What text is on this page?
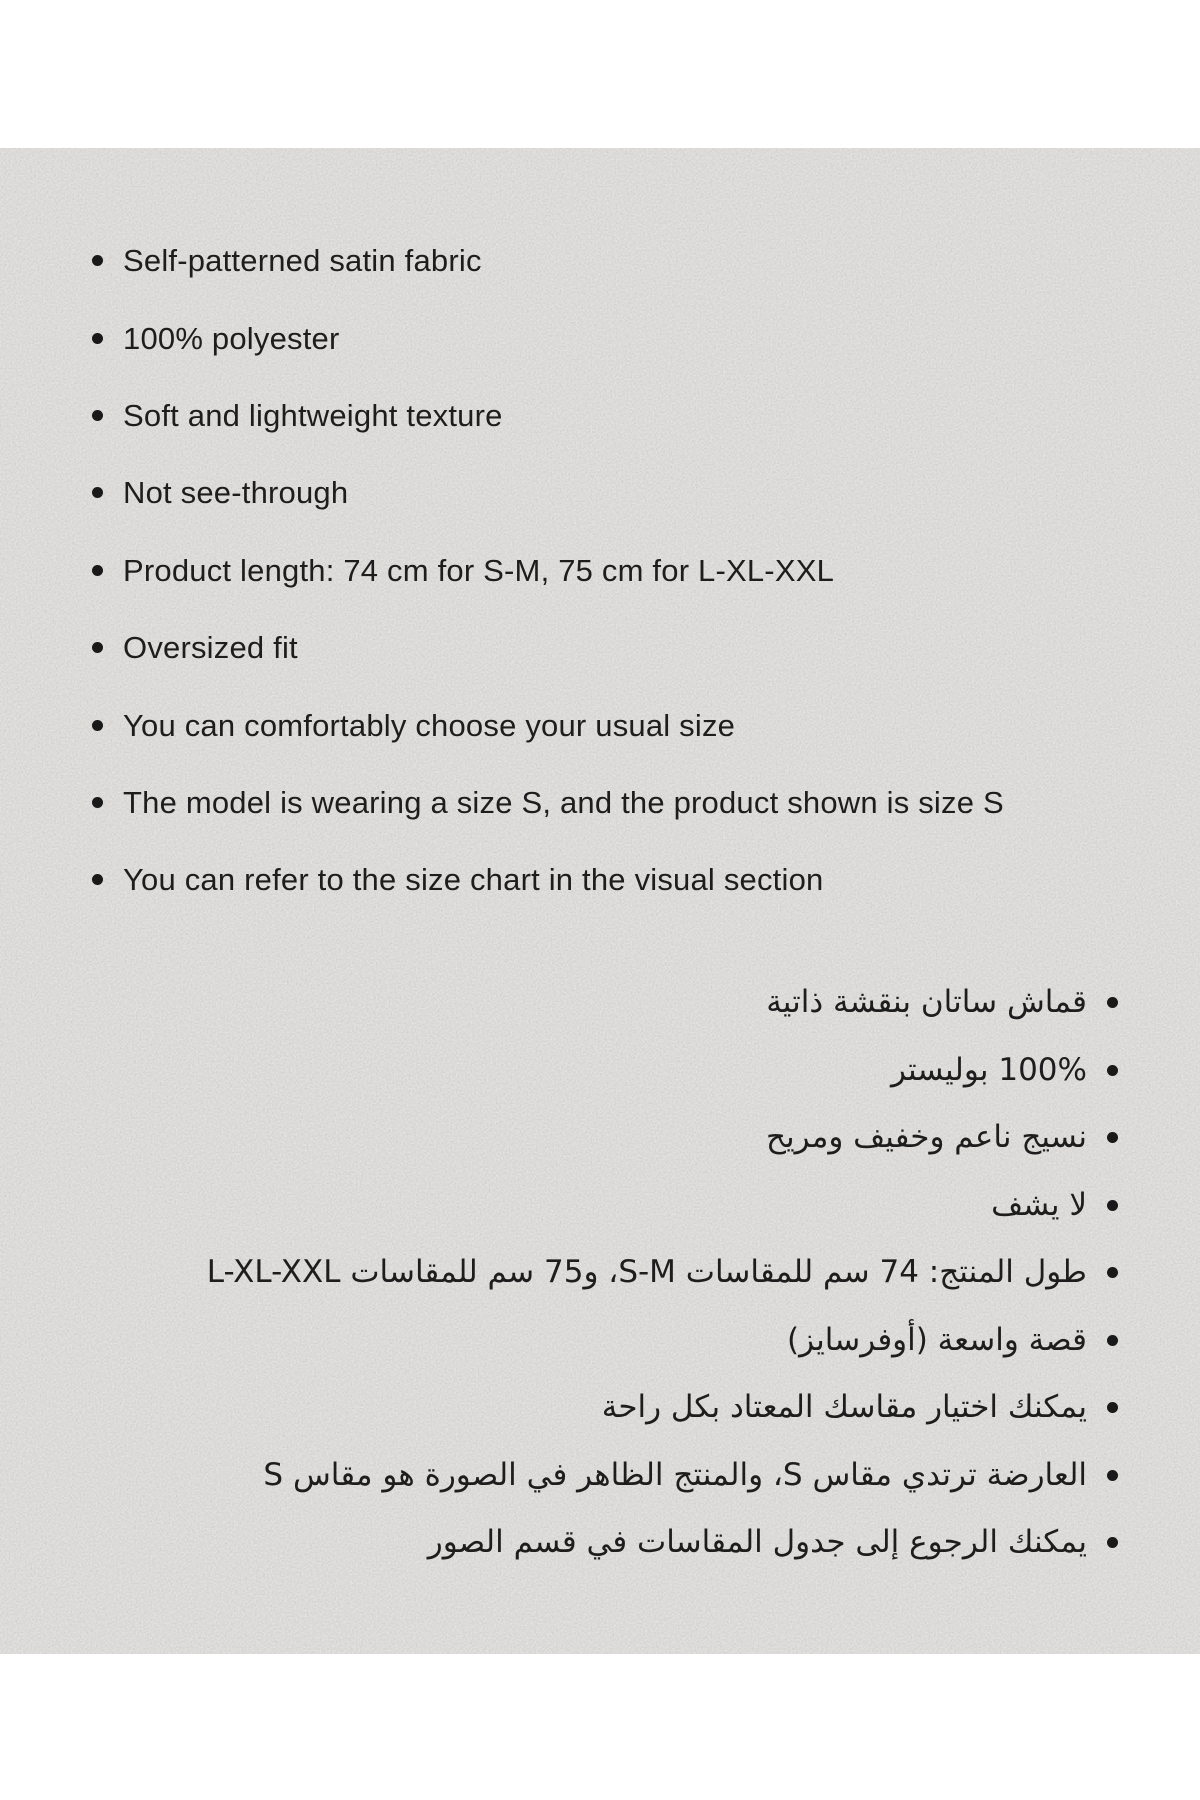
Self-patterned satin fabric
100% polyester
Soft and lightweight texture
Not see-through
Product length: 74 cm for S-M, 75 cm for L-XL-XXL
Oversized fit
You can comfortably choose your usual size
The model is wearing a size S, and the product shown is size S
You can refer to the size chart in the visual section
قماش ساتان بنقشة ذاتية
100% بوليستر
نسيج ناعم وخفيف ومريح
لا يشف
طول المنتج: 74 سم للمقاسات S-M، و75 سم للمقاسات L-XL-XXL
قصة واسعة (أوفرسايز)
يمكنك اختيار مقاسك المعتاد بكل راحة
العارضة ترتدي مقاس S، والمنتج الظاهر في الصورة هو مقاس S
يمكنك الرجوع إلى جدول المقاسات في قسم الصور
